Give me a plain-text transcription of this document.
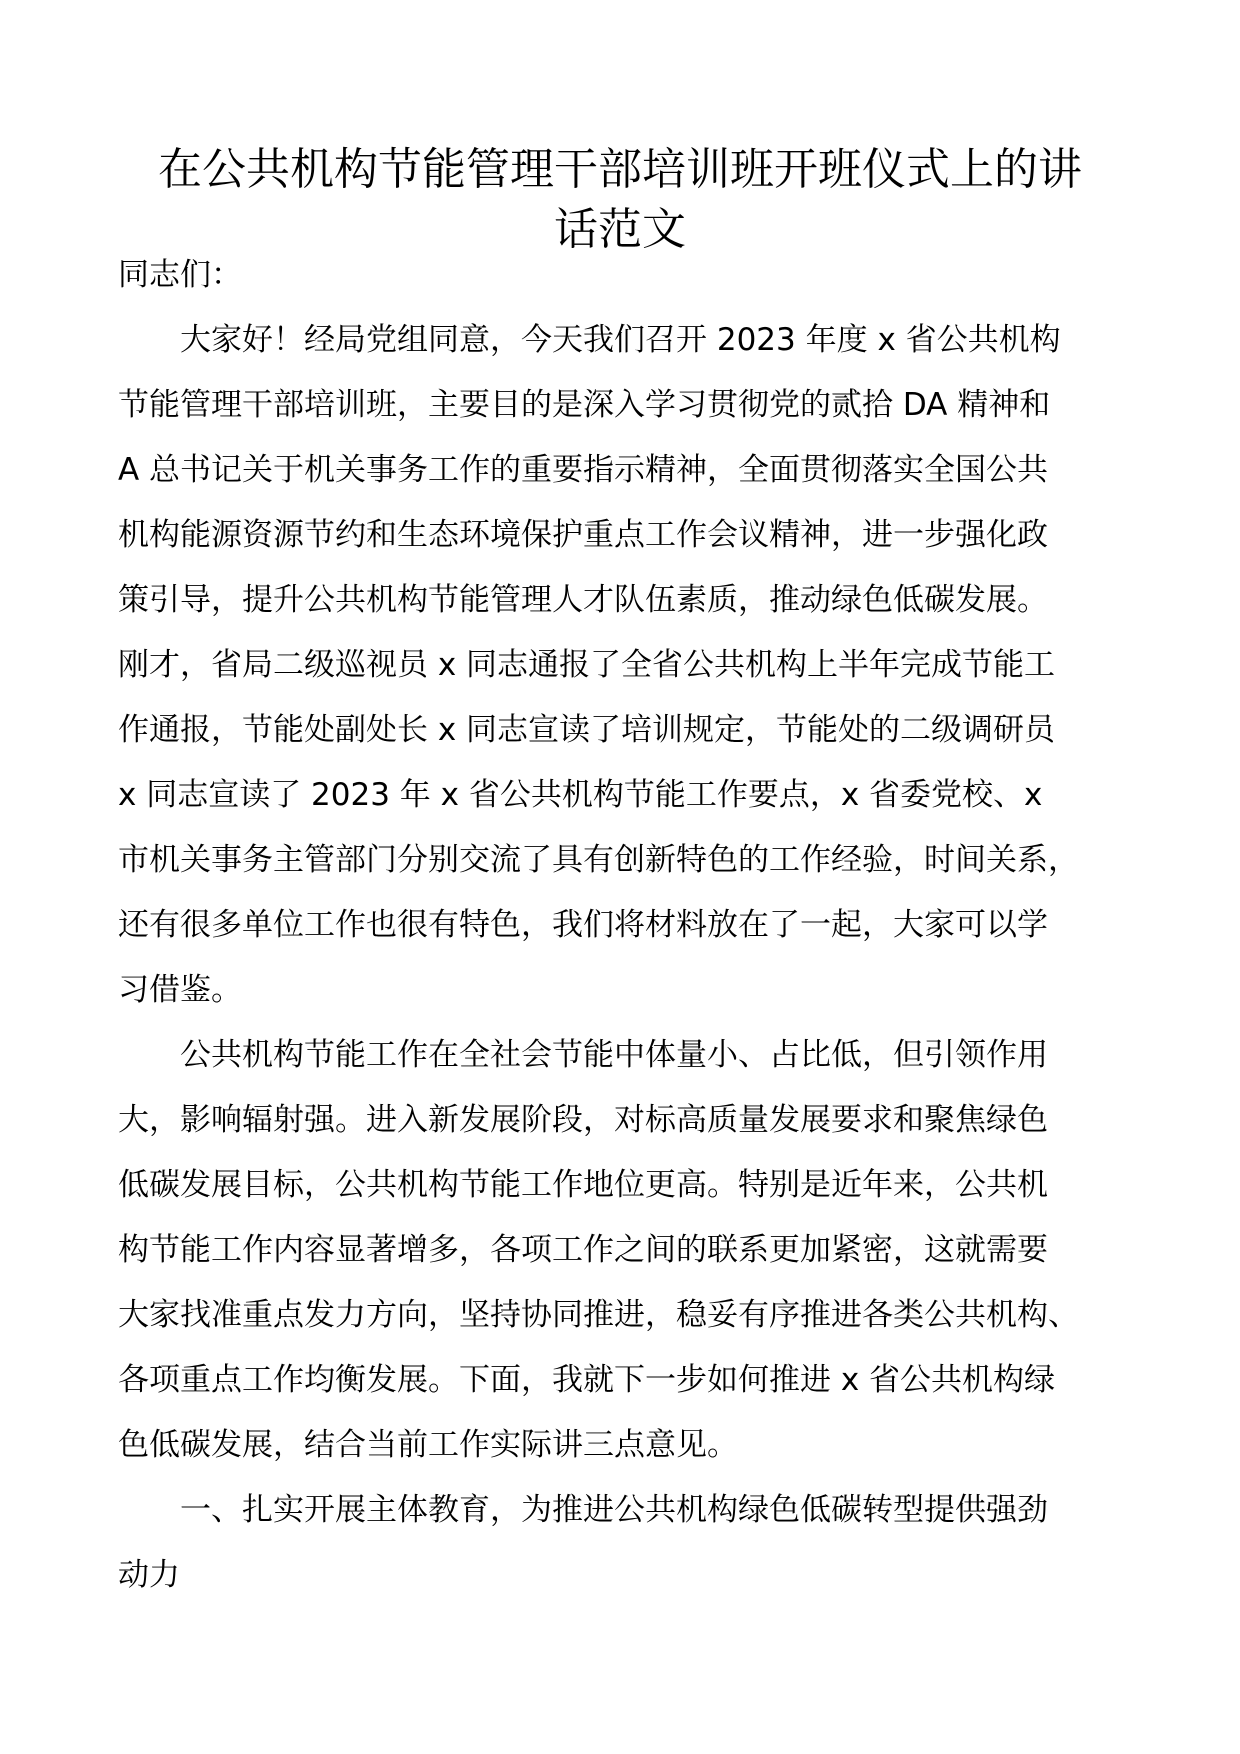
在公共机构节能管理干部培训班开班仪式上的讲
话范文
同志们：
大家好！经局党组同意，今天我们召开 2023 年度 x 省公共机构
节能管理干部培训班，主要目的是深入学习贯彻党的贰拾 DA 精神和
A 总书记关于机关事务工作的重要指示精神，全面贯彻落实全国公共
机构能源资源节约和生态环境保护重点工作会议精神，进一步强化政
策引导，提升公共机构节能管理人才队伍素质，推动绿色低碳发展。
刚才，省局二级巡视员 x 同志通报了全省公共机构上半年完成节能工
作通报，节能处副处长 x 同志宣读了培训规定，节能处的二级调研员
x 同志宣读了 2023 年 x 省公共机构节能工作要点，x 省委党校、x
市机关事务主管部门分别交流了具有创新特色的工作经验，时间关系，
还有很多单位工作也很有特色，我们将材料放在了一起，大家可以学
习借鉴。
公共机构节能工作在全社会节能中体量小、占比低，但引领作用
大，影响辐射强。进入新发展阶段，对标高质量发展要求和聚焦绿色
低碳发展目标，公共机构节能工作地位更高。特别是近年来，公共机
构节能工作内容显著增多，各项工作之间的联系更加紧密，这就需要
大家找准重点发力方向，坚持协同推进，稳妥有序推进各类公共机构、
各项重点工作均衡发展。下面，我就下一步如何推进 x 省公共机构绿
色低碳发展，结合当前工作实际讲三点意见。
一、扎实开展主体教育，为推进公共机构绿色低碳转型提供强劲
动力
